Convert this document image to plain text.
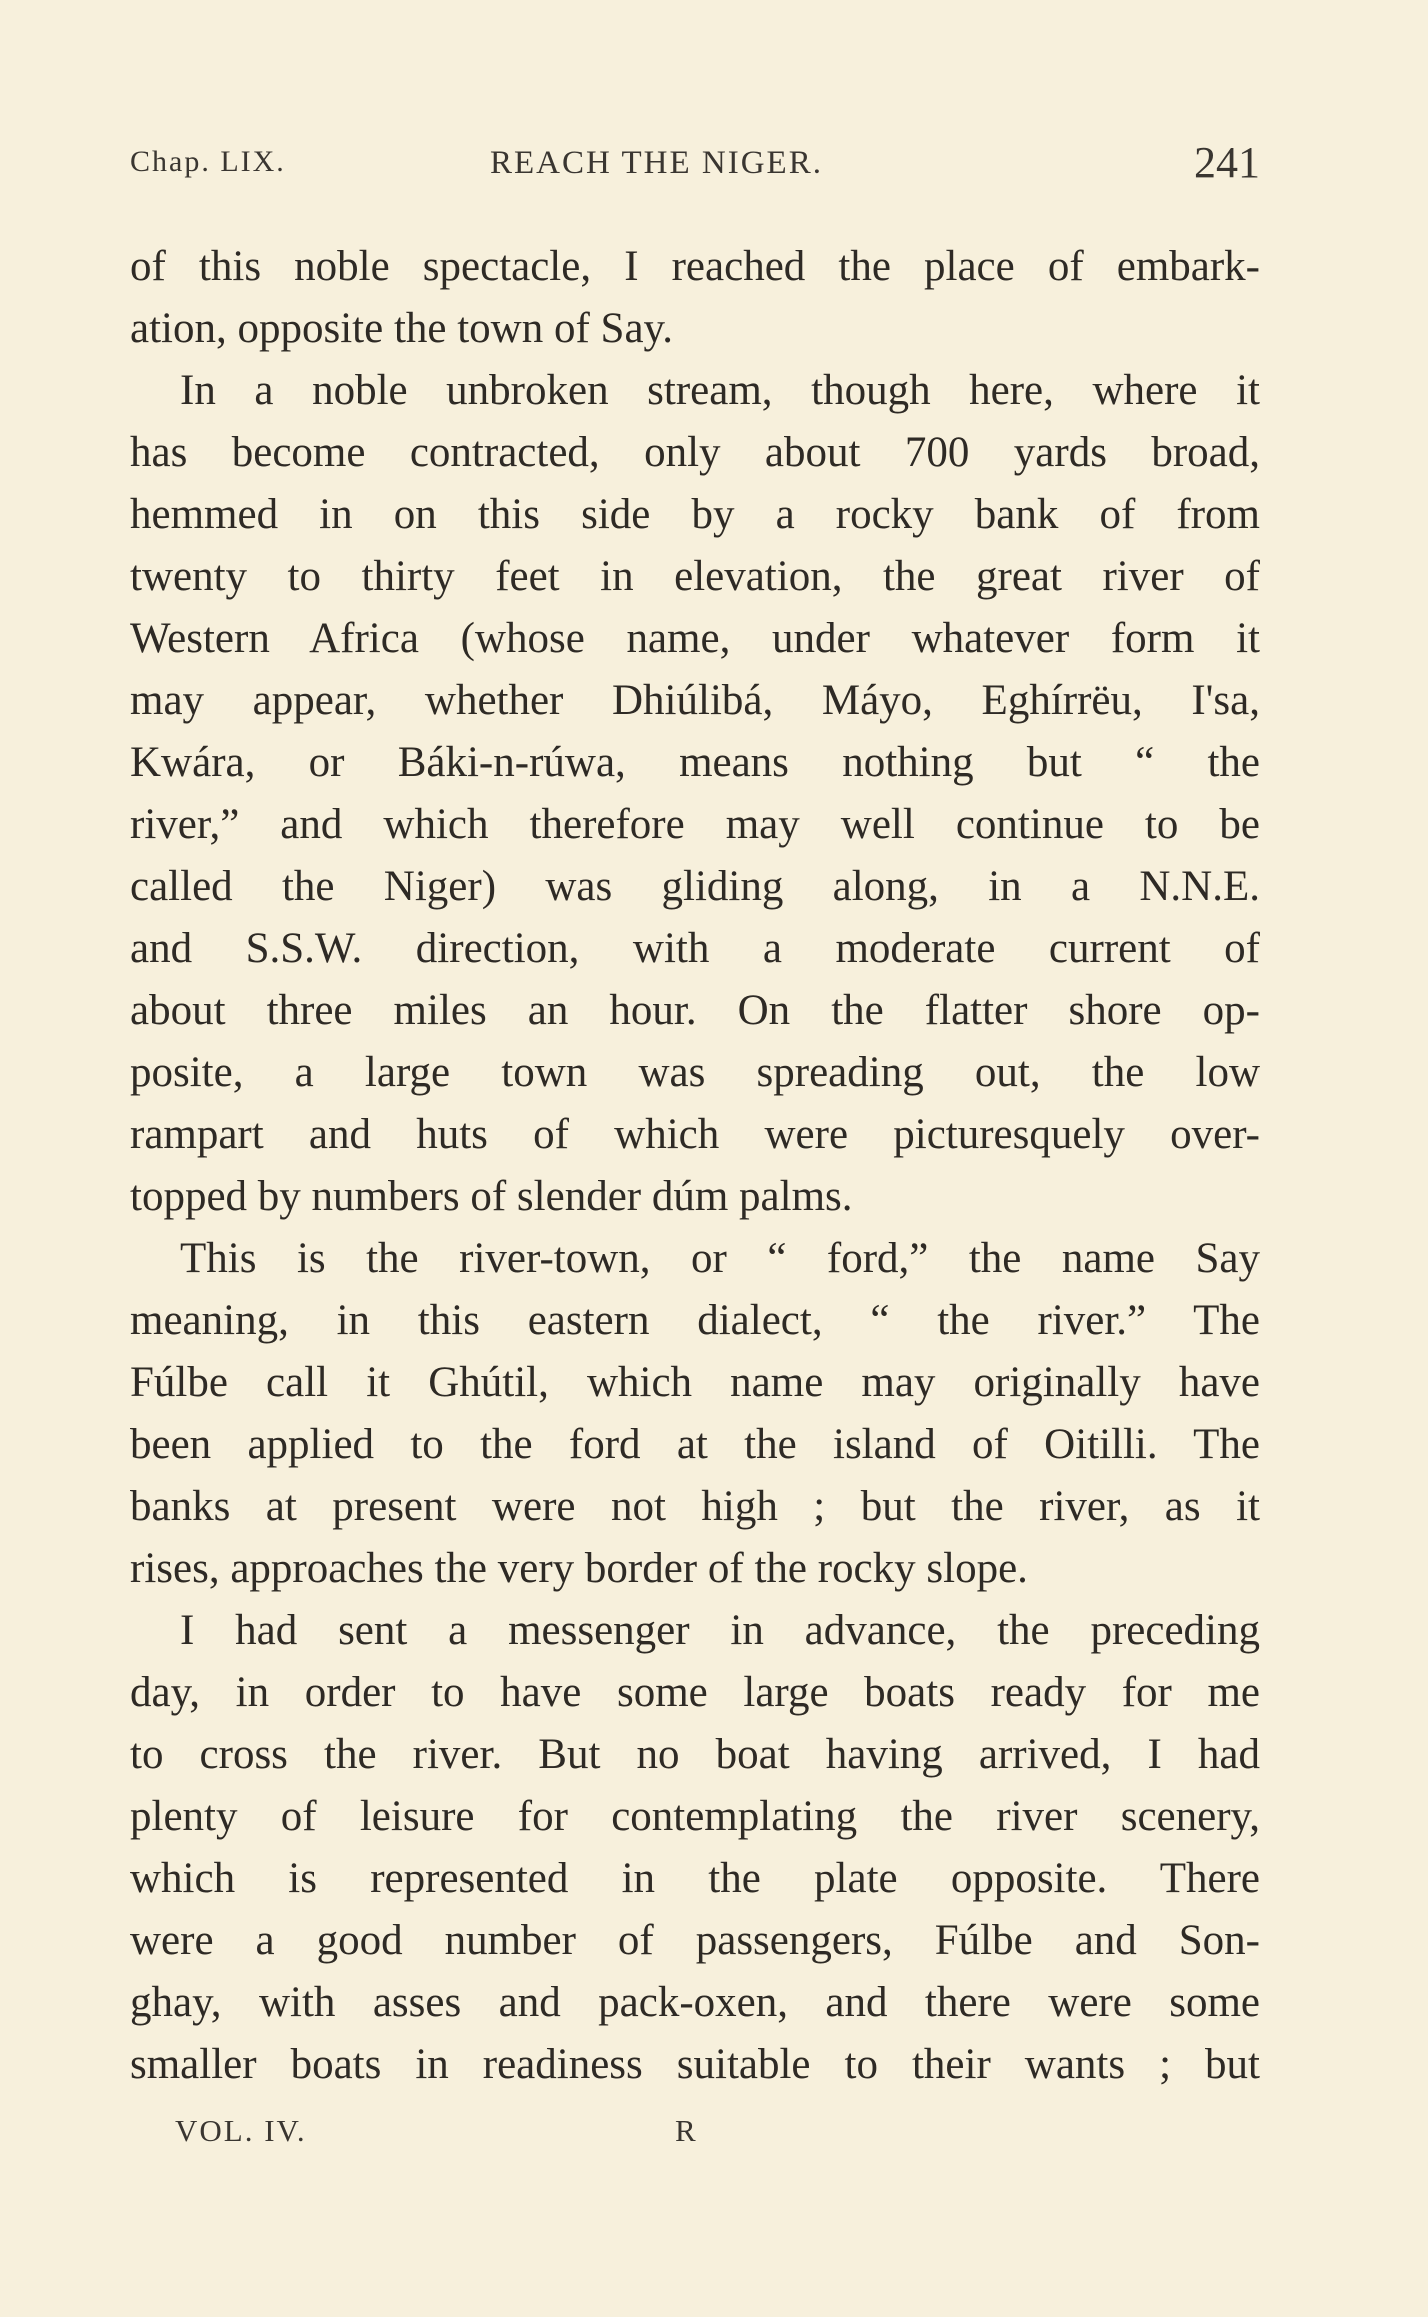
Chap. LIX.	REACH THE NIGER.	241
of this noble spectacle, I reached the place of embark-
ation, opposite the town of Say.
In a noble unbroken stream, though here, where it
has become contracted, only about 700 yards broad,
hemmed in on this side by a rocky bank of from
twenty to thirty feet in elevation, the great river of
Western Africa (whose name, under whatever form it
may appear, whether Dhiúlibá, Máyo, Eghírrëu, I'sa,
Kwára, or Báki-n-rúwa, means nothing but “ the
river,” and which therefore may well continue to be
called the Niger) was gliding along, in a N.N.E.
and S.S.W. direction, with a moderate current of
about three miles an hour. On the flatter shore op-
posite, a large town was spreading out, the low
rampart and huts of which were picturesquely over-
topped by numbers of slender dúm palms.
This is the river-town, or “ ford,” the name Say
meaning, in this eastern dialect, “ the river.” The
Fúlbe call it Ghútil, which name may originally have
been applied to the ford at the island of Oitilli. The
banks at present were not high ; but the river, as it
rises, approaches the very border of the rocky slope.
I had sent a messenger in advance, the preceding
day, in order to have some large boats ready for me
to cross the river. But no boat having arrived, I had
plenty of leisure for contemplating the river scenery,
which is represented in the plate opposite. There
were a good number of passengers, Fúlbe and Son-
ghay, with asses and pack-oxen, and there were some
smaller boats in readiness suitable to their wants ; but
VOL. IV.	R
